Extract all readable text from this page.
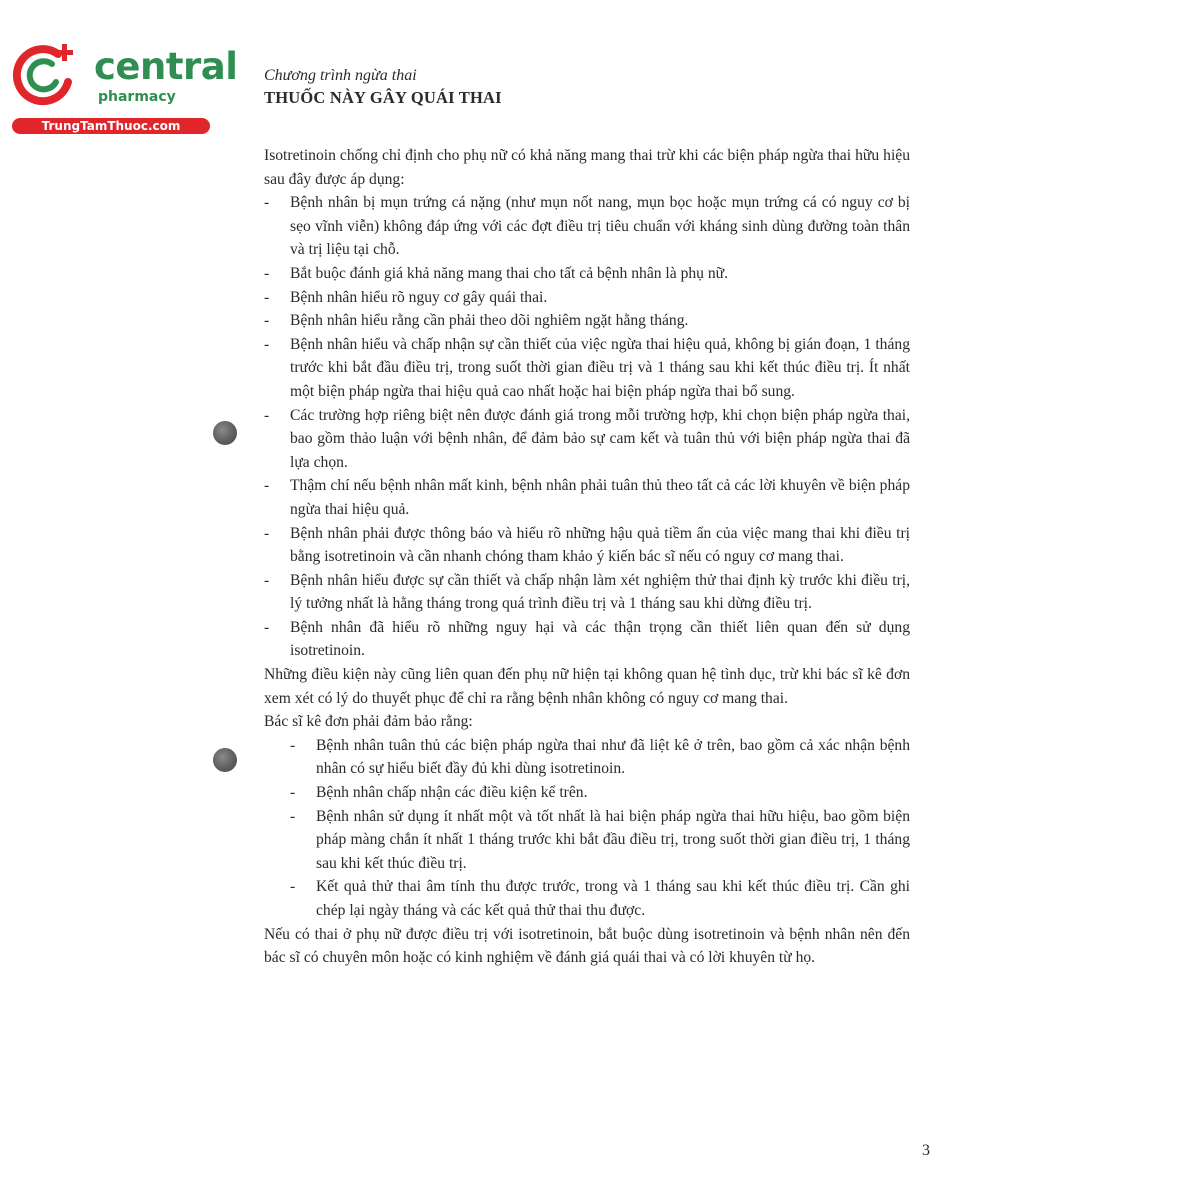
central
pharmacy
TrungTamThuoc.com
Chương trình ngừa thai
THUỐC NÀY GÂY QUÁI THAI

Isotretinoin chống chỉ định cho phụ nữ có khả năng mang thai trừ khi các biện pháp ngừa thai hữu hiệu sau đây được áp dụng:

- Bệnh nhân bị mụn trứng cá nặng (như mụn nốt nang, mụn bọc hoặc mụn trứng cá có nguy cơ bị sẹo vĩnh viễn) không đáp ứng với các đợt điều trị tiêu chuẩn với kháng sinh dùng đường toàn thân và trị liệu tại chỗ.
- Bắt buộc đánh giá khả năng mang thai cho tất cả bệnh nhân là phụ nữ.
- Bệnh nhân hiểu rõ nguy cơ gây quái thai.
- Bệnh nhân hiểu rằng cần phải theo dõi nghiêm ngặt hằng tháng.
- Bệnh nhân hiểu và chấp nhận sự cần thiết của việc ngừa thai hiệu quả, không bị gián đoạn, 1 tháng trước khi bắt đầu điều trị, trong suốt thời gian điều trị và 1 tháng sau khi kết thúc điều trị. Ít nhất một biện pháp ngừa thai hiệu quả cao nhất hoặc hai biện pháp ngừa thai bổ sung.
- Các trường hợp riêng biệt nên được đánh giá trong mỗi trường hợp, khi chọn biện pháp ngừa thai, bao gồm thảo luận với bệnh nhân, để đảm bảo sự cam kết và tuân thủ với biện pháp ngừa thai đã lựa chọn.
- Thậm chí nếu bệnh nhân mất kinh, bệnh nhân phải tuân thủ theo tất cả các lời khuyên về biện pháp ngừa thai hiệu quả.
- Bệnh nhân phải được thông báo và hiểu rõ những hậu quả tiềm ẩn của việc mang thai khi điều trị bằng isotretinoin và cần nhanh chóng tham khảo ý kiến bác sĩ nếu có nguy cơ mang thai.
- Bệnh nhân hiểu được sự cần thiết và chấp nhận làm xét nghiệm thử thai định kỳ trước khi điều trị, lý tưởng nhất là hằng tháng trong quá trình điều trị và 1 tháng sau khi dừng điều trị.
- Bệnh nhân đã hiểu rõ những nguy hại và các thận trọng cần thiết liên quan đến sử dụng isotretinoin.

Những điều kiện này cũng liên quan đến phụ nữ hiện tại không quan hệ tình dục, trừ khi bác sĩ kê đơn xem xét có lý do thuyết phục để chỉ ra rằng bệnh nhân không có nguy cơ mang thai.

Bác sĩ kê đơn phải đảm bảo rằng:

- Bệnh nhân tuân thủ các biện pháp ngừa thai như đã liệt kê ở trên, bao gồm cả xác nhận bệnh nhân có sự hiểu biết đầy đủ khi dùng isotretinoin.
- Bệnh nhân chấp nhận các điều kiện kể trên.
- Bệnh nhân sử dụng ít nhất một và tốt nhất là hai biện pháp ngừa thai hữu hiệu, bao gồm biện pháp màng chắn ít nhất 1 tháng trước khi bắt đầu điều trị, trong suốt thời gian điều trị, 1 tháng sau khi kết thúc điều trị.
- Kết quả thử thai âm tính thu được trước, trong và 1 tháng sau khi kết thúc điều trị. Cần ghi chép lại ngày tháng và các kết quả thử thai thu được.

Nếu có thai ở phụ nữ được điều trị với isotretinoin, bắt buộc dùng isotretinoin và bệnh nhân nên đến bác sĩ có chuyên môn hoặc có kinh nghiệm về đánh giá quái thai và có lời khuyên từ họ.

3
